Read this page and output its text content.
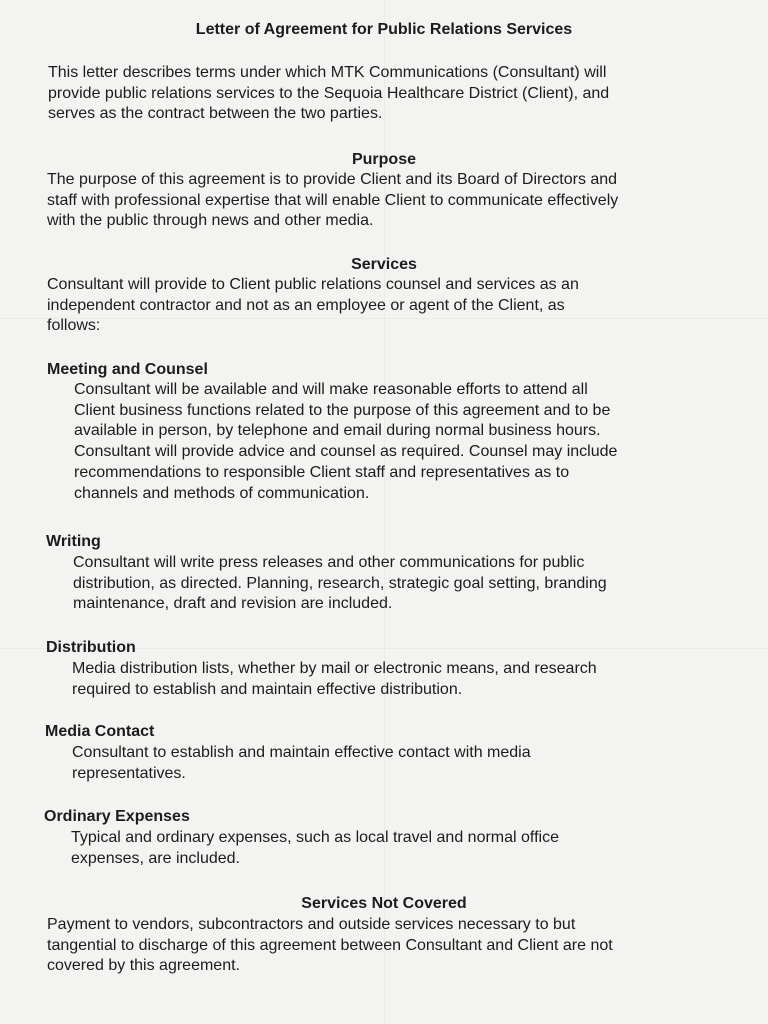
Letter of Agreement for Public Relations Services
This letter describes terms under which MTK Communications (Consultant) will
provide public relations services to the Sequoia Healthcare District (Client), and
serves as the contract between the two parties.
Purpose
The purpose of this agreement is to provide Client and its Board of Directors and
staff with professional expertise that will enable Client to communicate effectively
with the public through news and other media.
Services
Consultant will provide to Client public relations counsel and services as an
independent contractor and not as an employee or agent of the Client, as
follows:
Meeting and Counsel
Consultant will be available and will make reasonable efforts to attend all
Client business functions related to the purpose of this agreement and to be
available in person, by telephone and email during normal business hours.
Consultant will provide advice and counsel as required. Counsel may include
recommendations to responsible Client staff and representatives as to
channels and methods of communication.
Writing
Consultant will write press releases and other communications for public
distribution, as directed. Planning, research, strategic goal setting, branding
maintenance, draft and revision are included.
Distribution
Media distribution lists, whether by mail or electronic means, and research
required to establish and maintain effective distribution.
Media Contact
Consultant to establish and maintain effective contact with media
representatives.
Ordinary Expenses
Typical and ordinary expenses, such as local travel and normal office
expenses, are included.
Services Not Covered
Payment to vendors, subcontractors and outside services necessary to but
tangential to discharge of this agreement between Consultant and Client are not
covered by this agreement.
